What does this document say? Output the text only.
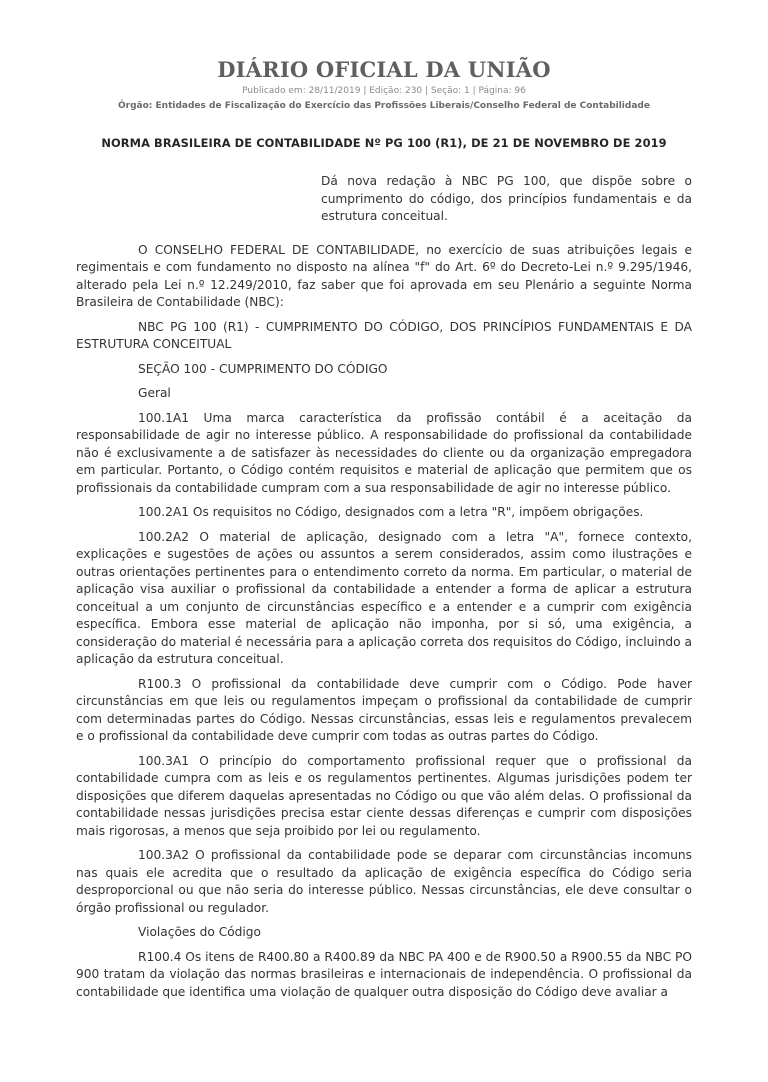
DIÁRIO OFICIAL DA UNIÃO
Publicado em: 28/11/2019 | Edição: 230 | Seção: 1 | Página: 96
Órgão: Entidades de Fiscalização do Exercício das Profissões Liberais/Conselho Federal de Contabilidade
NORMA BRASILEIRA DE CONTABILIDADE Nº PG 100 (R1), DE 21 DE NOVEMBRO DE 2019
Dá nova redação à NBC PG 100, que dispõe sobre o cumprimento do código, dos princípios fundamentais e da estrutura conceitual.

O CONSELHO FEDERAL DE CONTABILIDADE, no exercício de suas atribuições legais e regimentais e com fundamento no disposto na alínea "f" do Art. 6º do Decreto-Lei n.º 9.295/1946, alterado pela Lei n.º 12.249/2010, faz saber que foi aprovada em seu Plenário a seguinte Norma Brasileira de Contabilidade (NBC):

NBC PG 100 (R1) - CUMPRIMENTO DO CÓDIGO, DOS PRINCÍPIOS FUNDAMENTAIS E DA ESTRUTURA CONCEITUAL

SEÇÃO 100 - CUMPRIMENTO DO CÓDIGO

Geral

100.1A1 Uma marca característica da profissão contábil é a aceitação da responsabilidade de agir no interesse público. A responsabilidade do profissional da contabilidade não é exclusivamente a de satisfazer às necessidades do cliente ou da organização empregadora em particular. Portanto, o Código contém requisitos e material de aplicação que permitem que os profissionais da contabilidade cumpram com a sua responsabilidade de agir no interesse público.

100.2A1 Os requisitos no Código, designados com a letra "R", impõem obrigações.

100.2A2 O material de aplicação, designado com a letra "A", fornece contexto, explicações e sugestões de ações ou assuntos a serem considerados, assim como ilustrações e outras orientações pertinentes para o entendimento correto da norma. Em particular, o material de aplicação visa auxiliar o profissional da contabilidade a entender a forma de aplicar a estrutura conceitual a um conjunto de circunstâncias específico e a entender e a cumprir com exigência específica. Embora esse material de aplicação não imponha, por si só, uma exigência, a consideração do material é necessária para a aplicação correta dos requisitos do Código, incluindo a aplicação da estrutura conceitual.

R100.3 O profissional da contabilidade deve cumprir com o Código. Pode haver circunstâncias em que leis ou regulamentos impeçam o profissional da contabilidade de cumprir com determinadas partes do Código. Nessas circunstâncias, essas leis e regulamentos prevalecem e o profissional da contabilidade deve cumprir com todas as outras partes do Código.

100.3A1 O princípio do comportamento profissional requer que o profissional da contabilidade cumpra com as leis e os regulamentos pertinentes. Algumas jurisdições podem ter disposições que diferem daquelas apresentadas no Código ou que vão além delas. O profissional da contabilidade nessas jurisdições precisa estar ciente dessas diferenças e cumprir com disposições mais rigorosas, a menos que seja proibido por lei ou regulamento.

100.3A2 O profissional da contabilidade pode se deparar com circunstâncias incomuns nas quais ele acredita que o resultado da aplicação de exigência específica do Código seria desproporcional ou que não seria do interesse público. Nessas circunstâncias, ele deve consultar o órgão profissional ou regulador.

Violações do Código

R100.4 Os itens de R400.80 a R400.89 da NBC PA 400 e de R900.50 a R900.55 da NBC PO 900 tratam da violação das normas brasileiras e internacionais de independência. O profissional da contabilidade que identifica uma violação de qualquer outra disposição do Código deve avaliar a
